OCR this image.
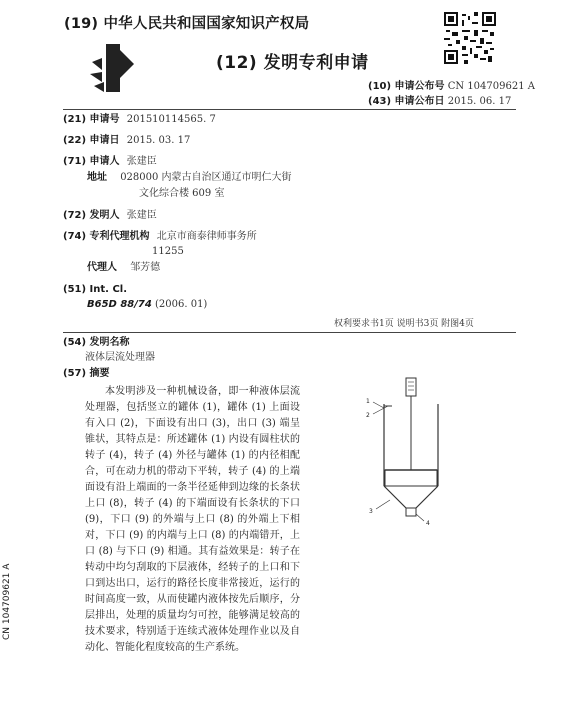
(19) 中华人民共和国国家知识产权局
(12) 发明专利申请
(10) 申请公布号 CN 104709621 A
(43) 申请公布日 2015. 06. 17
(21) 申请号 201510114565. 7
(22) 申请日 2015. 03. 17
(71) 申请人 张建臣
地址 028000 内蒙古自治区通辽市明仁大街
文化综合楼 609 室
(72) 发明人 张建臣
(74) 专利代理机构 北京市商泰律师事务所
11255
代理人 邹芳德
(51) Int. Cl.
B65D 88/74 (2006. 01)
权利要求书1页 说明书3页 附图4页
(54) 发明名称
液体层流处理器
(57) 摘要
本发明涉及一种机械设备，即一种液体层流处理器，包括竖立的罐体 (1)，罐体 (1) 上面设有入口 (2)，下面设有出口 (3)，出口 (3) 端呈锥状，其特点是：所述罐体 (1) 内设有圆柱状的转子 (4)，转子 (4) 外径与罐体 (1) 的内径相配合，可在动力机的带动下平转，转子 (4) 的上端面设有沿上端面的一条半径延伸到边缘的长条状上口 (8)，转子 (4) 的下端面设有长条状的下口 (9)，下口 (9) 的外端与上口 (8) 的外端上下相对，下口 (9) 的内端与上口 (8) 的内端错开，上口 (8) 与下口 (9) 相通。其有益效果是：转子在转动中均匀刮取的下层液体，经转子的上口和下口到达出口，运行的路径长度非常接近，运行的时间高度一致，从而使罐内液体按先后顺序，分层排出，处理的质量均匀可控，能够满足较高的技术要求，特别适于连续式液体处理作业以及自动化、智能化程度较高的生产系统。
1
2
3
4
CN 104709621 A
